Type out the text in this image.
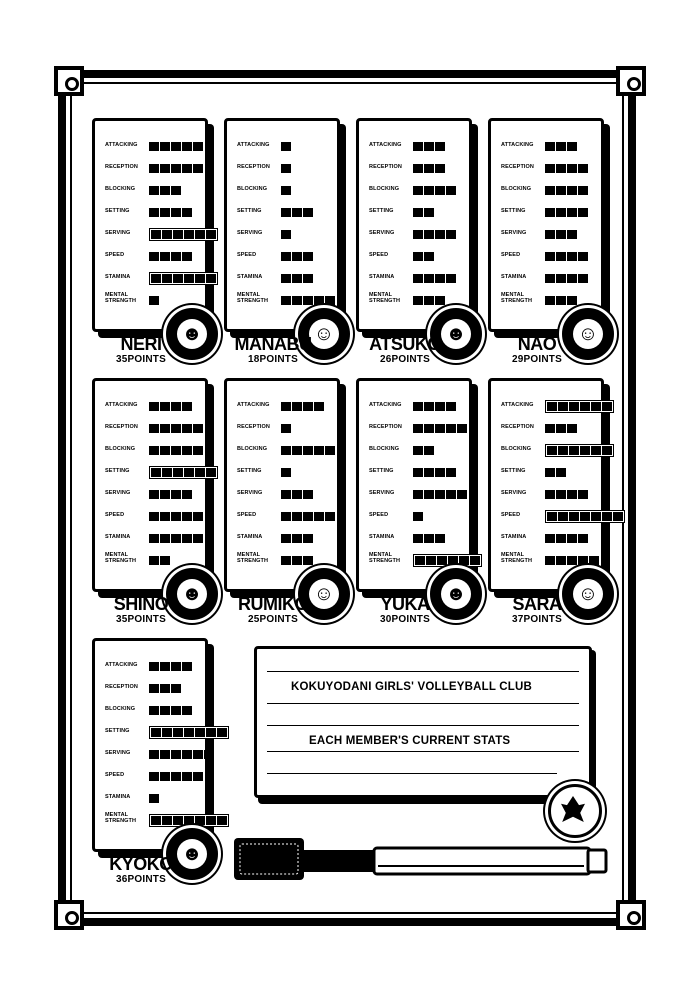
ATTACKING
RECEPTION
BLOCKING
SETTING
SERVING
SPEED
STAMINA
MENTAL STRENGTH
☻
NERI
35POINTS
ATTACKING
RECEPTION
BLOCKING
SETTING
SERVING
SPEED
STAMINA
MENTAL STRENGTH
☺
MANABU
18POINTS
ATTACKING
RECEPTION
BLOCKING
SETTING
SERVING
SPEED
STAMINA
MENTAL STRENGTH
☻
ATSUKO
26POINTS
ATTACKING
RECEPTION
BLOCKING
SETTING
SERVING
SPEED
STAMINA
MENTAL STRENGTH
☺
NAO
29POINTS
ATTACKING
RECEPTION
BLOCKING
SETTING
SERVING
SPEED
STAMINA
MENTAL STRENGTH
☻
SHINO
35POINTS
ATTACKING
RECEPTION
BLOCKING
SETTING
SERVING
SPEED
STAMINA
MENTAL STRENGTH
☺
RUMIKO
25POINTS
ATTACKING
RECEPTION
BLOCKING
SETTING
SERVING
SPEED
STAMINA
MENTAL STRENGTH
☻
YUKA
30POINTS
ATTACKING
RECEPTION
BLOCKING
SETTING
SERVING
SPEED
STAMINA
MENTAL STRENGTH
☺
SARA
37POINTS
ATTACKING
RECEPTION
BLOCKING
SETTING
SERVING
SPEED
STAMINA
MENTAL STRENGTH
☻
KYOKO
36POINTS
KOKUYODANI GIRLS' VOLLEYBALL CLUB
EACH MEMBER'S CURRENT STATS
